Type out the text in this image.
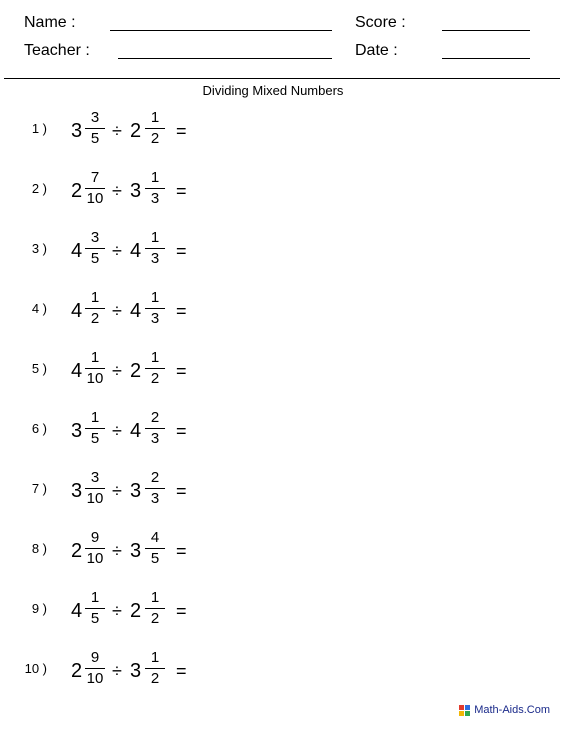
Name :
Teacher :
Score :
Date :
Dividing Mixed Numbers
1 ) 3
3
5 ÷ 2
1
2 =
2 ) 2
7
10 ÷ 3
1
3 =
3 ) 4
3
5 ÷ 4
1
3 =
4 ) 4
1
2 ÷ 4
1
3 =
5 ) 4
1
10 ÷ 2
1
2 =
6 ) 3
1
5 ÷ 4
2
3 =
7 ) 3
3
10 ÷ 3
2
3 =
8 ) 2
9
10 ÷ 3
4
5 =
9 ) 4
1
5 ÷ 2
1
2 =
10 ) 2
9
10 ÷ 3
1
2 =
Math-Aids.Com
